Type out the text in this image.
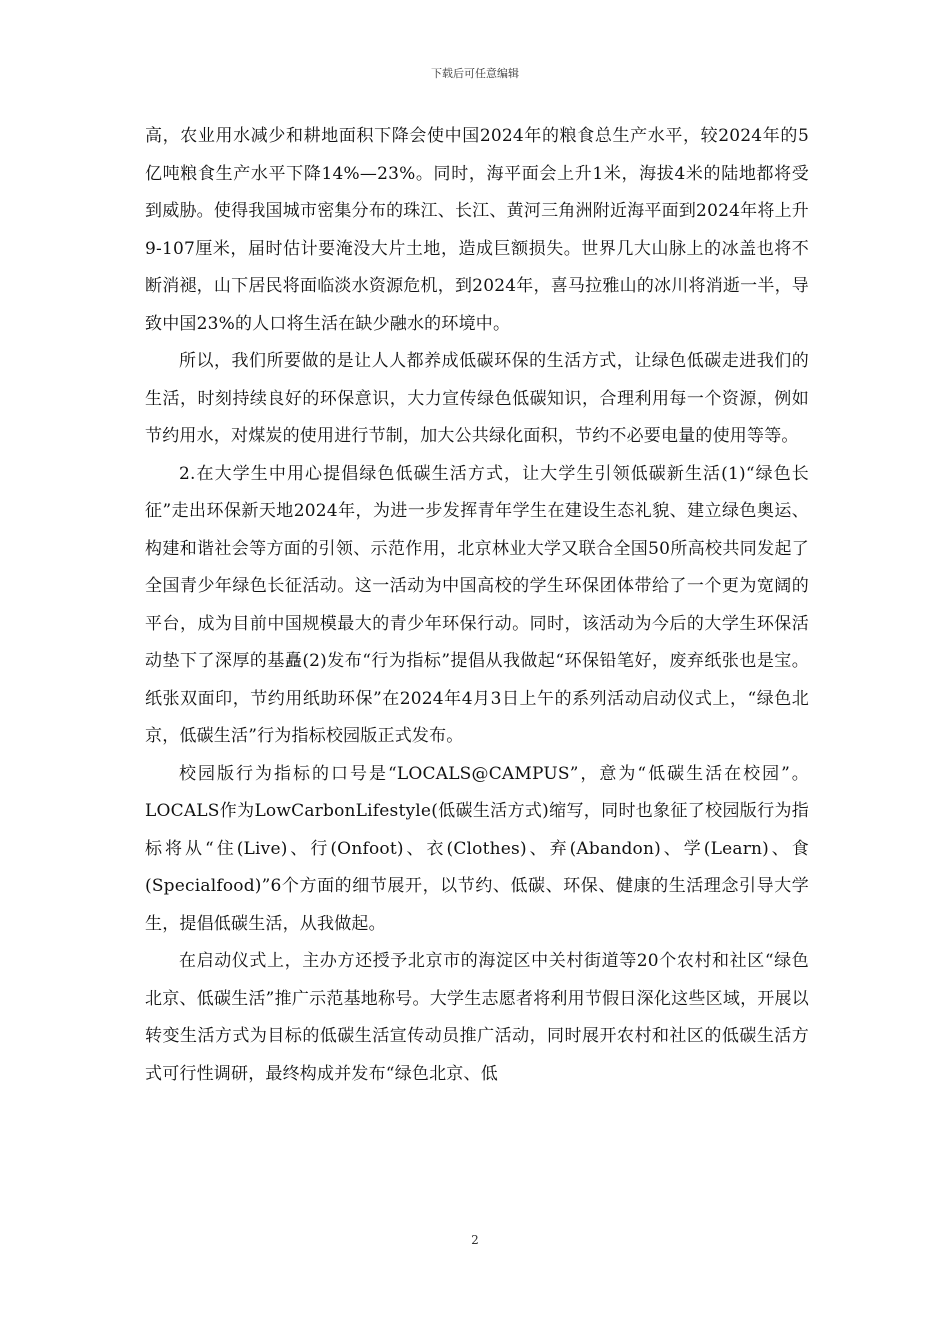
下载后可任意编辑

高，农业用水减少和耕地面积下降会使中国2024年的粮食总生产水平，较2024年的5亿吨粮食生产水平下降14%—23%。同时，海平面会上升1米，海拔4米的陆地都将受到威胁。使得我国城市密集分布的珠江、长江、黄河三角洲附近海平面到2024年将上升9-107厘米，届时估计要淹没大片土地，造成巨额损失。世界几大山脉上的冰盖也将不断消褪，山下居民将面临淡水资源危机，到2024年，喜马拉雅山的冰川将消逝一半，导致中国23%的人口将生活在缺少融水的环境中。

所以，我们所要做的是让人人都养成低碳环保的生活方式，让绿色低碳走进我们的生活，时刻持续良好的环保意识，大力宣传绿色低碳知识，合理利用每一个资源，例如节约用水，对煤炭的使用进行节制，加大公共绿化面积，节约不必要电量的使用等等。

2.在大学生中用心提倡绿色低碳生活方式，让大学生引领低碳新生活(1)“绿色长征”走出环保新天地2024年，为进一步发挥青年学生在建设生态礼貌、建立绿色奥运、构建和谐社会等方面的引领、示范作用，北京林业大学又联合全国50所高校共同发起了全国青少年绿色长征活动。这一活动为中国高校的学生环保团体带给了一个更为宽阔的平台，成为目前中国规模最大的青少年环保行动。同时，该活动为今后的大学生环保活动垫下了深厚的基矗(2)发布“行为指标”提倡从我做起“环保铅笔好，废弃纸张也是宝。纸张双面印，节约用纸助环保”在2024年4月3日上午的系列活动启动仪式上，“绿色北京，低碳生活”行为指标校园版正式发布。

校园版行为指标的口号是“LOCALS@CAMPUS”，意为“低碳生活在校园”。LOCALS作为LowCarbonLifestyle(低碳生活方式)缩写，同时也象征了校园版行为指标将从“住(Live)、行(Onfoot)、衣(Clothes)、弃(Abandon)、学(Learn)、食(Specialfood)”6个方面的细节展开，以节约、低碳、环保、健康的生活理念引导大学生，提倡低碳生活，从我做起。

在启动仪式上，主办方还授予北京市的海淀区中关村街道等20个农村和社区“绿色北京、低碳生活”推广示范基地称号。大学生志愿者将利用节假日深化这些区域，开展以转变生活方式为目标的低碳生活宣传动员推广活动，同时展开农村和社区的低碳生活方式可行性调研，最终构成并发布“绿色北京、低

2
